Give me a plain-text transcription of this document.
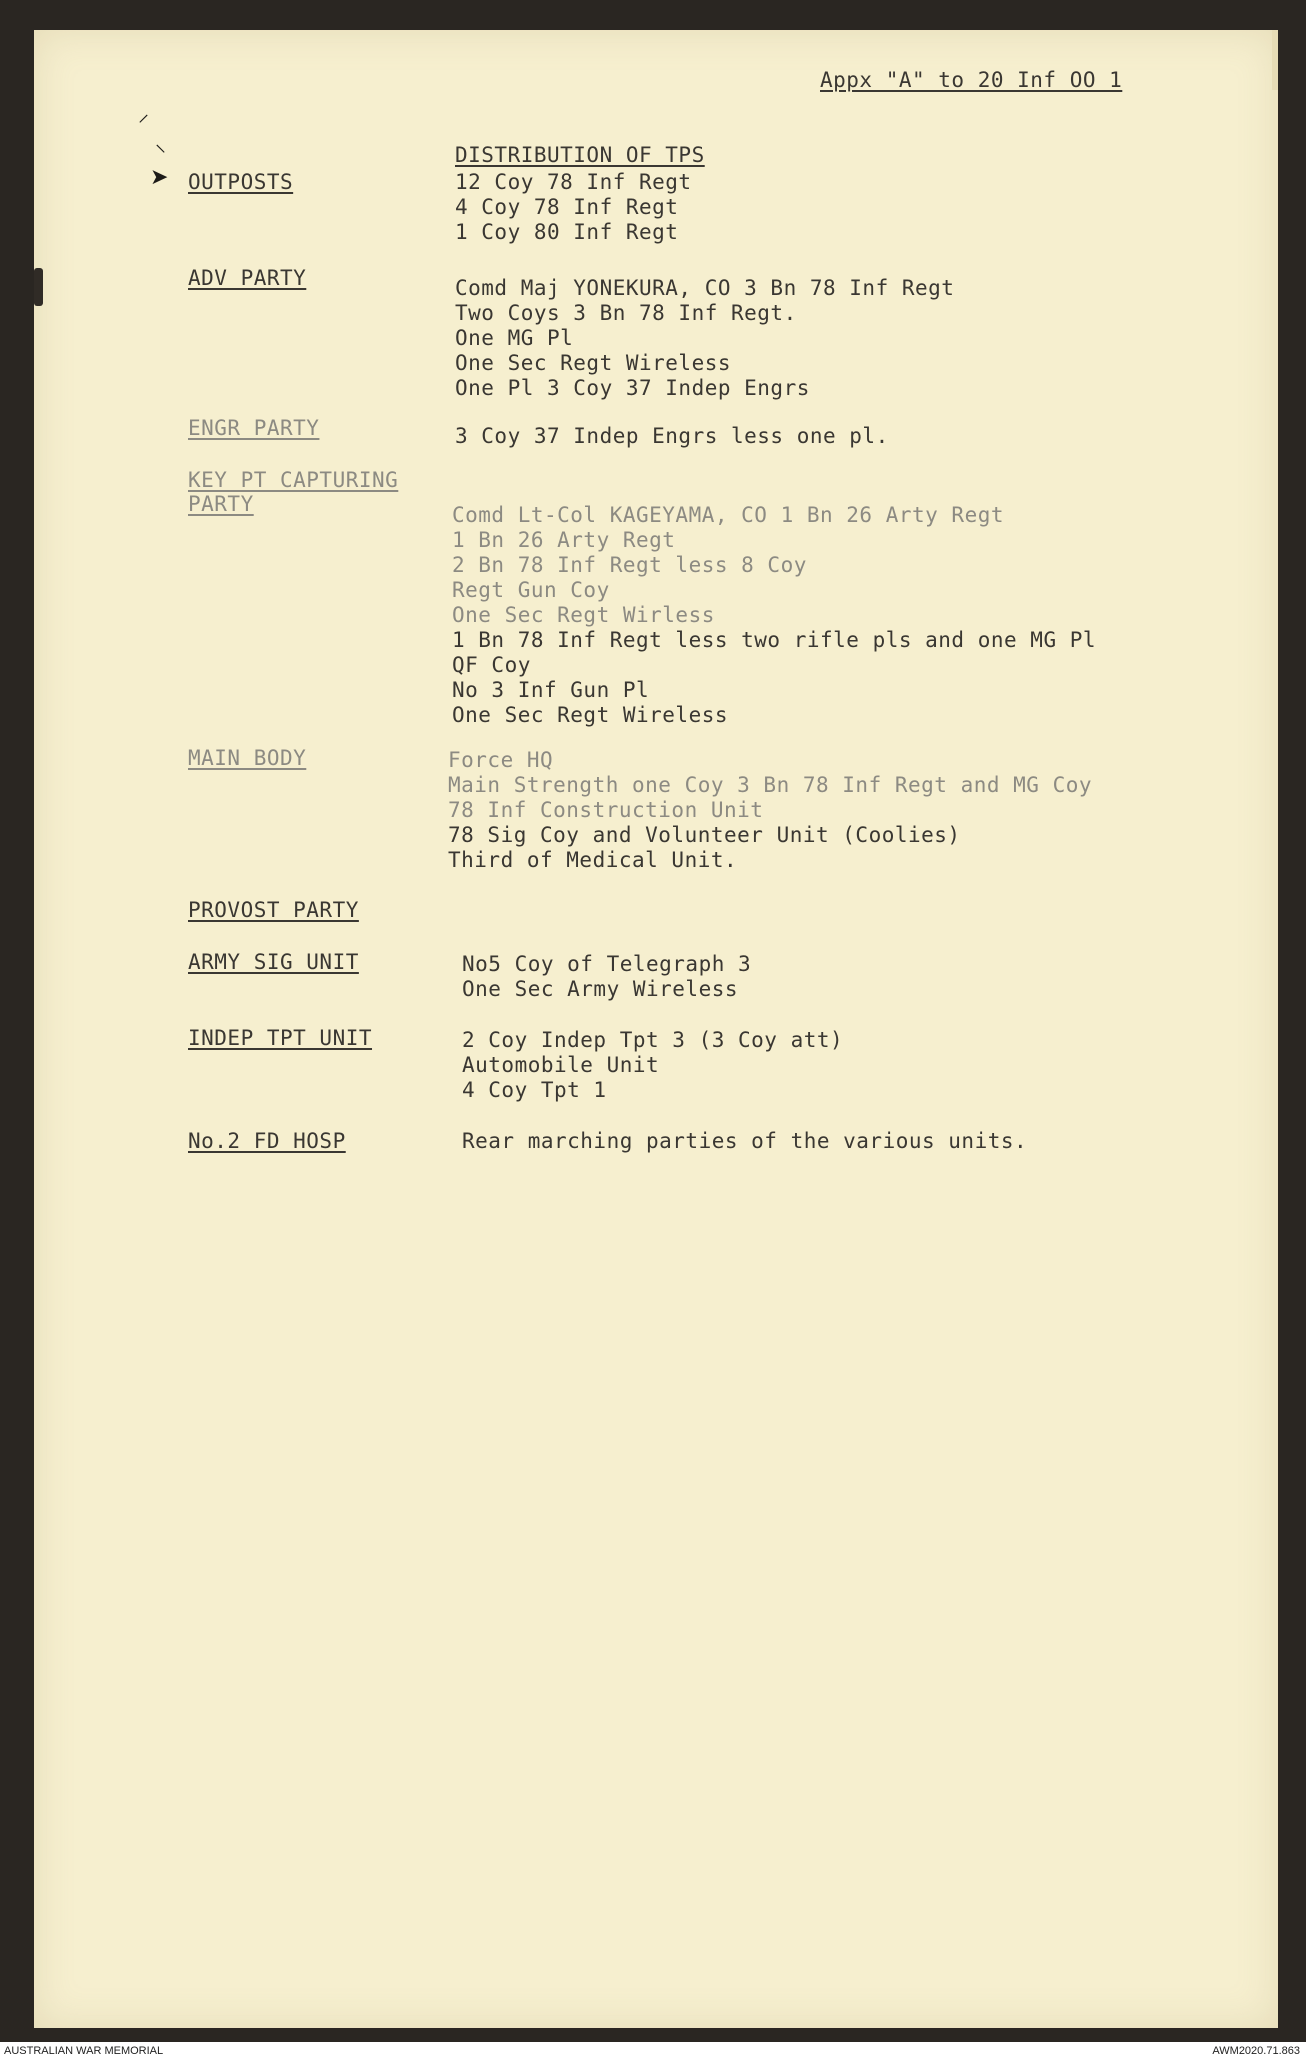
⸝
⸜
➤
Appx "A" to 20 Inf OO 1
DISTRIBUTION OF TPS
OUTPOSTS	12 Coy 78 Inf Regt
4 Coy 78 Inf Regt
1 Coy 80 Inf Regt
ADV PARTY	Comd Maj YONEKURA, CO 3 Bn 78 Inf Regt
Two Coys 3 Bn 78 Inf Regt.
One MG Pl
One Sec Regt Wireless
One Pl 3 Coy 37 Indep Engrs
ENGR PARTY	3 Coy 37 Indep Engrs less one pl.
KEY PT CAPTURING
PARTY	Comd Lt-Col KAGEYAMA, CO 1 Bn 26 Arty Regt
1 Bn 26 Arty Regt
2 Bn 78 Inf Regt less 8 Coy
Regt Gun Coy
One Sec Regt Wirless
1 Bn 78 Inf Regt less two rifle pls and one MG Pl
QF Coy
No 3 Inf Gun Pl
One Sec Regt Wireless
MAIN BODY	Force HQ
Main Strength one Coy 3 Bn 78 Inf Regt and MG Coy
78 Inf Construction Unit
78 Sig Coy and Volunteer Unit (Coolies)
Third of Medical Unit.
PROVOST PARTY
ARMY SIG UNIT	No5 Coy of Telegraph 3
One Sec Army Wireless
INDEP TPT UNIT	2 Coy Indep Tpt 3 (3 Coy att)
Automobile Unit
4 Coy Tpt 1
No.2 FD HOSP	Rear marching parties of the various units.
AUSTRALIAN WAR MEMORIAL	AWM2020.71.863
